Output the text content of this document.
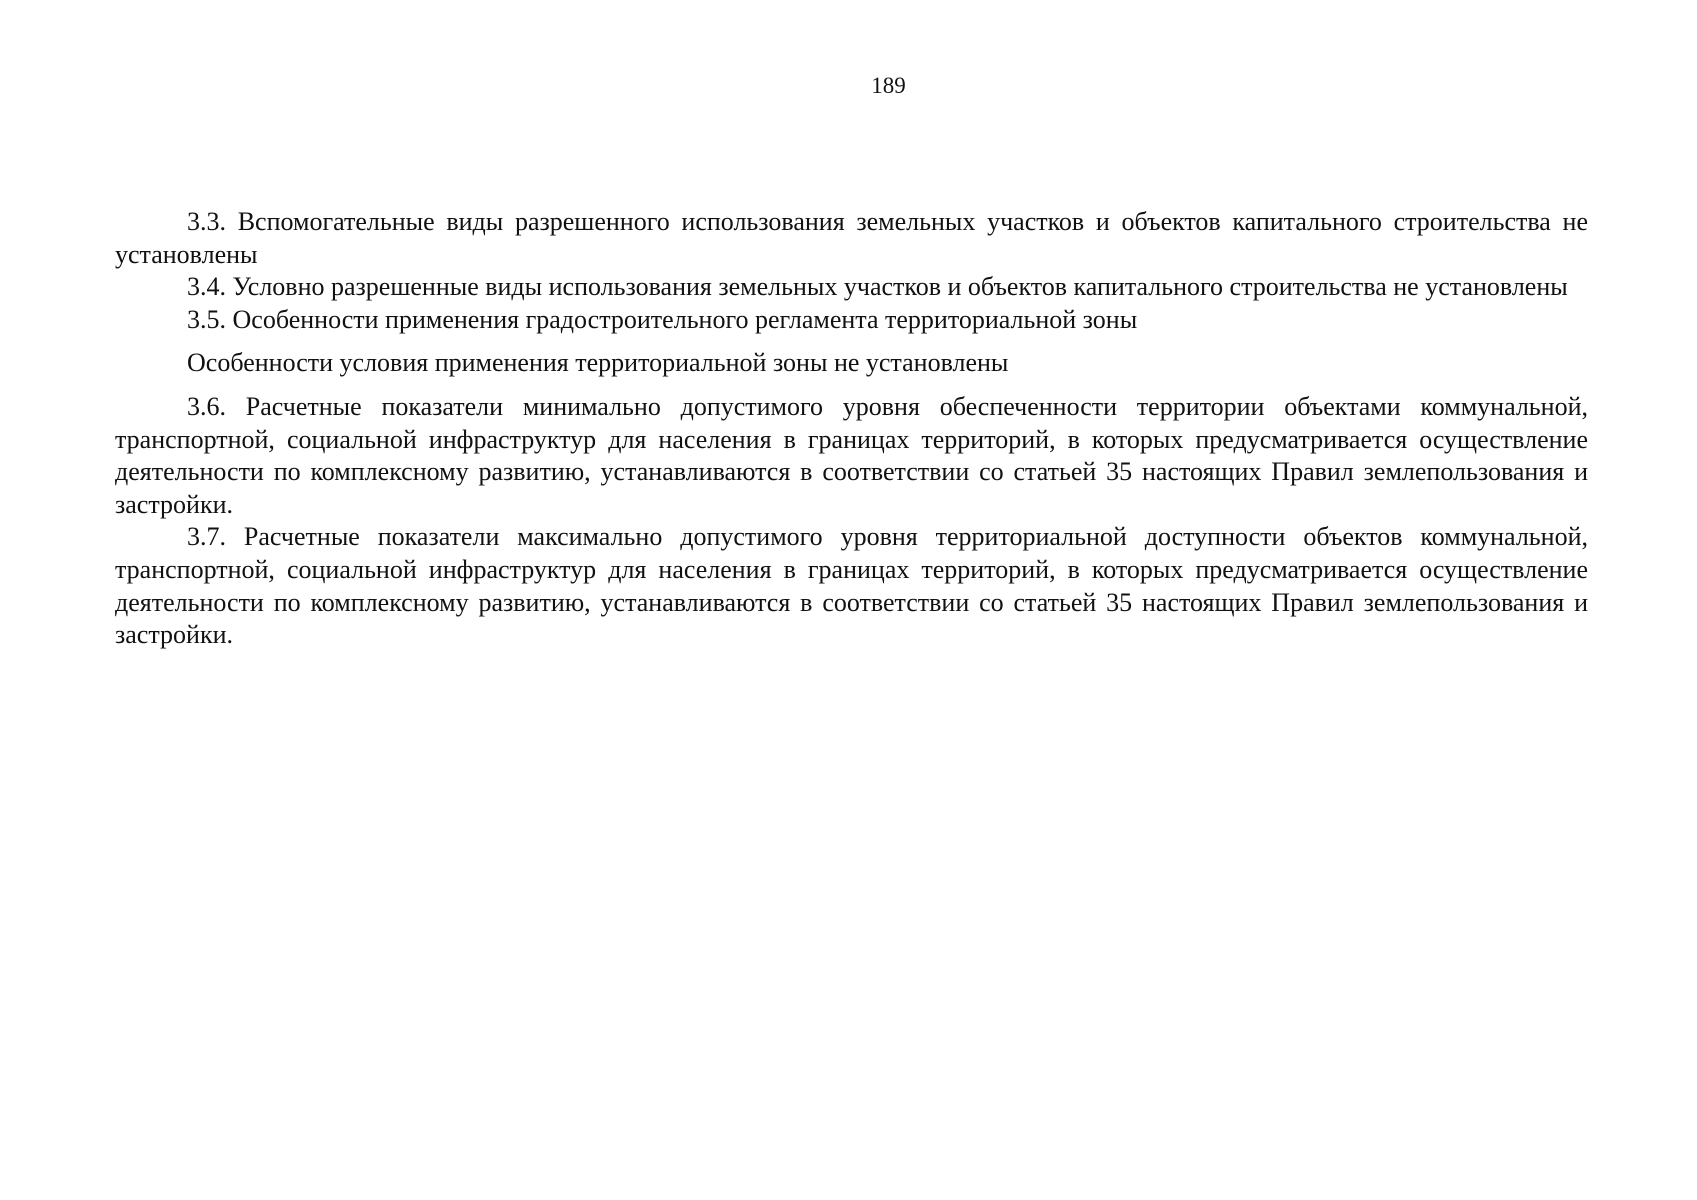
189

3.3. Вспомогательные виды разрешенного использования земельных участков и объектов капитального строительства не установлены

3.4. Условно разрешенные виды использования земельных участков и объектов капитального строительства не установлены

3.5. Особенности применения градостроительного регламента территориальной зоны

Особенности условия применения территориальной зоны не установлены

3.6. Расчетные показатели минимально допустимого уровня обеспеченности территории объектами коммунальной, транспортной, социальной инфраструктур для населения в границах территорий, в которых предусматривается осуществление деятельности по комплексному развитию, устанавливаются в соответствии со статьей 35 настоящих Правил землепользования и застройки.

3.7. Расчетные показатели максимально допустимого уровня территориальной доступности объектов коммунальной, транспортной, социальной инфраструктур для населения в границах территорий, в которых предусматривается осуществление деятельности по комплексному развитию, устанавливаются в соответствии со статьей 35 настоящих Правил землепользования и застройки.
